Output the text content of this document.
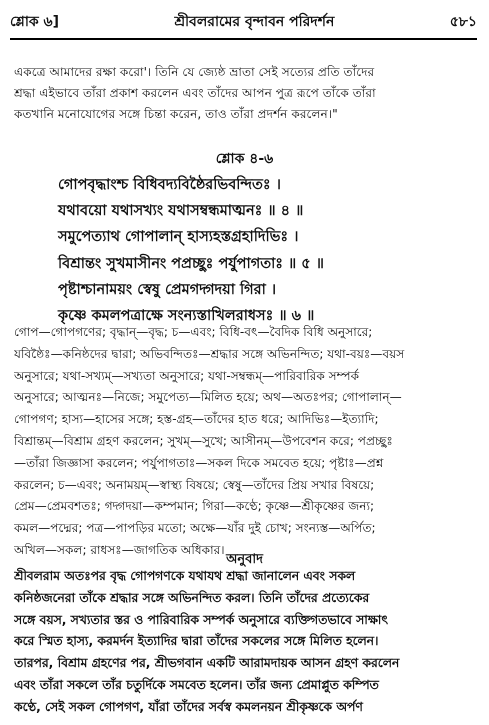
শ্লোক ৬]	শ্রীবলরামের বৃন্দাবন পরিদর্শন	৫৮১
একত্রে আমাদের রক্ষা করো'। তিনি যে জ্যেষ্ঠ ভ্রাতা সেই সত্যের প্রতি তাঁদের
শ্রদ্ধা এইভাবে তাঁরা প্রকাশ করলেন এবং তাঁদের আপন পুত্র রূপে তাঁকে তাঁরা
কতখানি মনোযোগের সঙ্গে চিন্তা করেন, তাও তাঁরা প্রদর্শন করলেন।"
শ্লোক ৪-৬
গোপবৃদ্ধাংশ্চ বিধিবদ্যবিষ্ঠৈরভিবন্দিতঃ ।
যথাবয়ো যথাসখ্যং যথাসম্বন্ধমাত্মনঃ ॥ ৪ ॥
সমুপেত্যাথ গোপালান্ হাস্যহস্তগ্রহাদিভিঃ ।
বিশ্রান্তং সুখমাসীনং পপ্রচ্ছুঃ পর্যুপাগতাঃ ॥ ৫ ॥
পৃষ্টাশ্চানাময়ং স্বেষু প্রেমগদ্গদয়া গিরা ।
কৃষ্ণে কমলপত্রাক্ষে সংন্যস্তাখিলরাধসঃ ॥ ৬ ॥
গোপ—গোপগণের; বৃদ্ধান্—বৃদ্ধ; চ—এবং; বিধি-বৎ—বৈদিক বিধি অনুসারে;
যবিষ্ঠৈঃ—কনিষ্ঠদের দ্বারা; অভিবন্দিতঃ—শ্রদ্ধার সঙ্গে অভিনন্দিত; যথা-বয়ঃ—বয়স
অনুসারে; যথা-সখ্যম্—সখ্যতা অনুসারে; যথা-সম্বন্ধম্—পারিবারিক সম্পর্ক
অনুসারে; আত্মনঃ—নিজে; সমুপেত্য—মিলিত হয়ে; অথ—অতঃপর; গোপালান্—
গোপগণ; হাস্য—হাসের সঙ্গে; হস্ত-গ্রহ—তাঁদের হাত ধরে; আদিভিঃ—ইত্যাদি;
বিশ্রান্তম্—বিশ্রাম গ্রহণ করলেন; সুখম্—সুখে; আসীনম্—উপবেশন করে; পপ্রচ্ছুঃ
—তাঁরা জিজ্ঞাসা করলেন; পর্যুপাগতাঃ—সকল দিকে সমবেত হয়ে; পৃষ্টাঃ—প্রশ্ন
করলেন; চ—এবং; অনাময়ম্—স্বাস্থ্য বিষয়ে; স্বেষু—তাঁদের প্রিয় সখার বিষয়ে;
প্রেম—প্রেমবশতঃ; গদ্গদয়া—কম্পমান; গিরা—কণ্ঠে; কৃষ্ণে—শ্রীকৃষ্ণের জন্য;
কমল—পদ্মের; পত্র—পাপড়ির মতো; অক্ষে—যাঁর দুই চোখ; সংন্যস্ত—অর্পিত;
অখিল—সকল; রাধসঃ—জাগতিক অধিকার।
অনুবাদ
শ্রীবলরাম অতঃপর বৃদ্ধ গোপগণকে যথাযথ শ্রদ্ধা জানালেন এবং সকল
কনিষ্ঠজনেরা তাঁকে শ্রদ্ধার সঙ্গে অভিনন্দিত করল। তিনি তাঁদের প্রত্যেকের
সঙ্গে বয়স, সখ্যতার স্তর ও পারিবারিক সম্পর্ক অনুসারে ব্যক্তিগতভাবে সাক্ষাৎ
করে স্মিত হাস্য, করমর্দন ইত্যাদির দ্বারা তাঁদের সকলের সঙ্গে মিলিত হলেন।
তারপর, বিশ্রাম গ্রহণের পর, শ্রীভগবান একটি আরামদায়ক আসন গ্রহণ করলেন
এবং তাঁরা সকলে তাঁর চতুর্দিকে সমবেত হলেন। তাঁর জন্য প্রেমাপ্লুত কম্পিত
কণ্ঠে, সেই সকল গোপগণ, যাঁরা তাঁদের সর্বস্ব কমলনয়ন শ্রীকৃষ্ণকে অর্পণ
